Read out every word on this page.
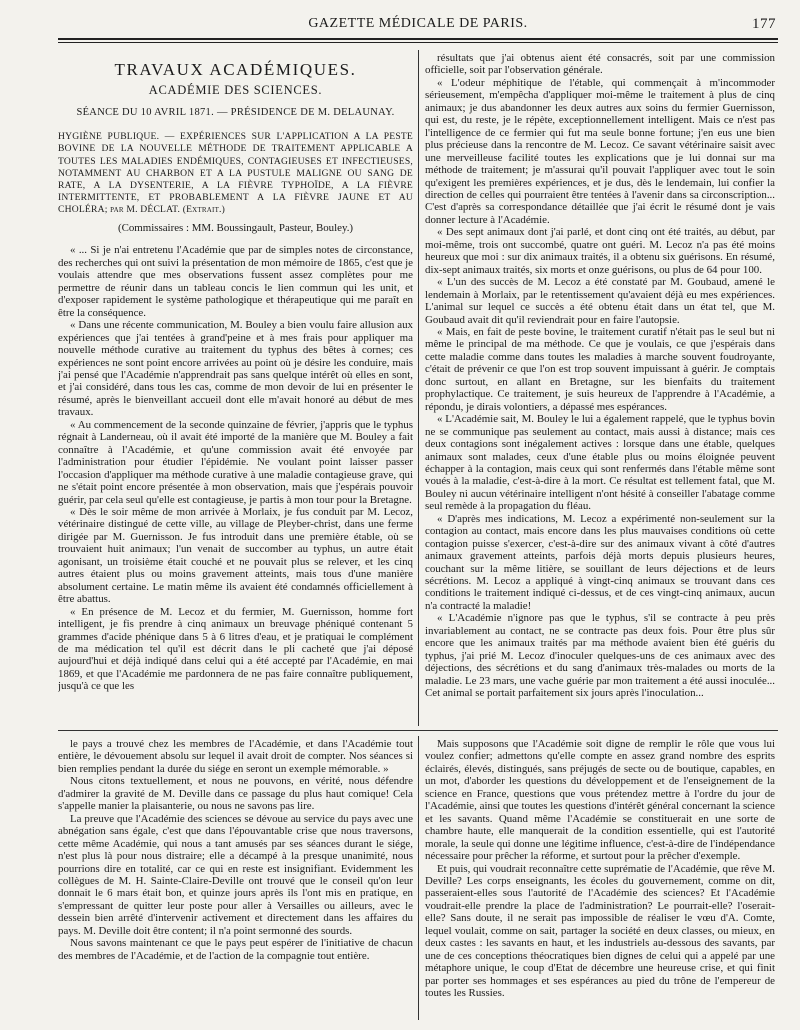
GAZETTE MÉDICALE DE PARIS.	177
TRAVAUX ACADÉMIQUES.
ACADÉMIE DES SCIENCES.
SÉANCE DU 10 AVRIL 1871. — PRÉSIDENCE DE M. DELAUNAY.

HYGIÈNE PUBLIQUE. — EXPÉRIENCES SUR L'APPLICATION A LA PESTE BOVINE DE LA NOUVELLE MÉTHODE DE TRAITEMENT APPLICABLE A TOUTES LES MALADIES ENDÉMIQUES, CONTAGIEUSES ET INFECTIEUSES, NOTAMMENT AU CHARBON ET A LA PUSTULE MALIGNE OU SANG DE RATE, A LA DYSENTERIE, A LA FIÈVRE TYPHOÏDE, A LA FIÈVRE INTERMITTENTE, ET PROBABLEMENT A LA FIÈVRE JAUNE ET AU CHOLÉRA; par M. DÉCLAT. (Extrait.)

(Commissaires : MM. Boussingault, Pasteur, Bouley.)

« ... Si je n'ai entretenu l'Académie que par de simples notes de circonstance, des recherches qui ont suivi la présentation de mon mémoire de 1865, c'est que je voulais attendre que mes observations fussent assez complètes pour me permettre de réunir dans un tableau concis le lien commun qui les unit, et d'exposer rapidement le système pathologique et thérapeutique qui me paraît en être la conséquence.

« Dans une récente communication, M. Bouley a bien voulu faire allusion aux expériences que j'ai tentées à grand'peine et à mes frais pour appliquer ma nouvelle méthode curative au traitement du typhus des bêtes à cornes; ces expériences ne sont point encore arrivées au point où je désire les conduire, mais j'ai pensé que l'Académie n'apprendrait pas sans quelque intérêt où elles en sont, et j'ai considéré, dans tous les cas, comme de mon devoir de lui en présenter le résumé, après le bienveillant accueil dont elle m'avait honoré au début de mes travaux.

« Au commencement de la seconde quinzaine de février, j'appris que le typhus régnait à Landerneau, où il avait été importé de la manière que M. Bouley a fait connaître à l'Académie, et qu'une commission avait été envoyée par l'administration pour étudier l'épidémie. Ne voulant point laisser passer l'occasion d'appliquer ma méthode curative à une maladie contagieuse grave, qui ne s'était point encore présentée à mon observation, mais que j'espérais pouvoir guérir, par cela seul qu'elle est contagieuse, je partis à mon tour pour la Bretagne.

« Dès le soir même de mon arrivée à Morlaix, je fus conduit par M. Lecoz, vétérinaire distingué de cette ville, au village de Pleyber-christ, dans une ferme dirigée par M. Guernisson. Je fus introduit dans une première étable, où se trouvaient huit animaux; l'un venait de succomber au typhus, un autre était agonisant, un troisième était couché et ne pouvait plus se relever, et les cinq autres étaient plus ou moins gravement atteints, mais tous d'une manière absolument certaine. Le matin même ils avaient été condamnés officiellement à être abattus.

« En présence de M. Lecoz et du fermier, M. Guernisson, homme fort intelligent, je fis prendre à cinq animaux un breuvage phéniqué contenant 5 grammes d'acide phénique dans 5 à 6 litres d'eau, et je pratiquai le complément de ma médication tel qu'il est décrit dans le pli cacheté que j'ai déposé aujourd'hui et déjà indiqué dans celui qui a été accepté par l'Académie, en mai 1869, et que l'Académie me pardonnera de ne pas faire connaître publiquement, jusqu'à ce que les

résultats que j'ai obtenus aient été consacrés, soit par une commission officielle, soit par l'observation générale.

« L'odeur méphitique de l'étable, qui commençait à m'incommoder sérieusement, m'empêcha d'appliquer moi-même le traitement à plus de cinq animaux; je dus abandonner les deux autres aux soins du fermier Guernisson, qui est, du reste, je le répète, exceptionnellement intelligent. Mais ce n'est pas l'intelligence de ce fermier qui fut ma seule bonne fortune; j'en eus une bien plus précieuse dans la rencontre de M. Lecoz. Ce savant vétérinaire saisit avec une merveilleuse facilité toutes les explications que je lui donnai sur ma méthode de traitement; je m'assurai qu'il pouvait l'appliquer avec tout le soin qu'exigent les premières expériences, et je dus, dès le lendemain, lui confier la direction de celles qui pourraient être tentées à l'avenir dans sa circonscription... C'est d'après sa correspondance détaillée que j'ai écrit le résumé dont je vais donner lecture à l'Académie.

« Des sept animaux dont j'ai parlé, et dont cinq ont été traités, au début, par moi-même, trois ont succombé, quatre ont guéri. M. Lecoz n'a pas été moins heureux que moi : sur dix animaux traités, il a obtenu six guérisons. En résumé, dix-sept animaux traités, six morts et onze guérisons, ou plus de 64 pour 100.

« L'un des succès de M. Lecoz a été constaté par M. Goubaud, amené le lendemain à Morlaix, par le retentissement qu'avaient déjà eu mes expériences. L'animal sur lequel ce succès a été obtenu était dans un état tel, que M. Goubaud avait dit qu'il reviendrait pour en faire l'autopsie.

« Mais, en fait de peste bovine, le traitement curatif n'était pas le seul but ni même le principal de ma méthode. Ce que je voulais, ce que j'espérais dans cette maladie comme dans toutes les maladies à marche souvent foudroyante, c'était de prévenir ce que l'on est trop souvent impuissant à guérir. Je comptais donc surtout, en allant en Bretagne, sur les bienfaits du traitement prophylactique. Ce traitement, je suis heureux de l'apprendre à l'Académie, a répondu, je dirais volontiers, a dépassé mes espérances.

« L'Académie sait, M. Bouley le lui a également rappelé, que le typhus bovin ne se communique pas seulement au contact, mais aussi à distance; mais ces deux contagions sont inégalement actives : lorsque dans une étable, quelques animaux sont malades, ceux d'une étable plus ou moins éloignée peuvent échapper à la contagion, mais ceux qui sont renfermés dans l'étable même sont voués à la maladie, c'est-à-dire à la mort. Ce résultat est tellement fatal, que M. Bouley ni aucun vétérinaire intelligent n'ont hésité à conseiller l'abatage comme seul remède à la propagation du fléau.

« D'après mes indications, M. Lecoz a expérimenté non-seulement sur la contagion au contact, mais encore dans les plus mauvaises conditions où cette contagion puisse s'exercer, c'est-à-dire sur des animaux vivant à côté d'autres animaux gravement atteints, parfois déjà morts depuis plusieurs heures, couchant sur la même litière, se souillant de leurs déjections et de leurs sécrétions. M. Lecoz a appliqué à vingt-cinq animaux se trouvant dans ces conditions le traitement indiqué ci-dessus, et de ces vingt-cinq animaux, aucun n'a contracté la maladie!

« L'Académie n'ignore pas que le typhus, s'il se contracte à peu près invariablement au contact, ne se contracte pas deux fois. Pour être plus sûr encore que les animaux traités par ma méthode avaient bien été guéris du typhus, j'ai prié M. Lecoz d'inoculer quelques-uns de ces animaux avec des déjections, des sécrétions et du sang d'animaux très-malades ou morts de la maladie. Le 23 mars, une vache guérie par mon traitement a été aussi inoculée... Cet animal se portait parfaitement six jours après l'inoculation...

le pays a trouvé chez les membres de l'Académie, et dans l'Académie tout entière, le dévouement absolu sur lequel il avait droit de compter. Nos séances si bien remplies pendant la durée du siége en seront un exemple mémorable. »

Nous citons textuellement, et nous ne pouvons, en vérité, nous défendre d'admirer la gravité de M. Deville dans ce passage du plus haut comique! Cela s'appelle manier la plaisanterie, ou nous ne savons pas lire.

La preuve que l'Académie des sciences se dévoue au service du pays avec une abnégation sans égale, c'est que dans l'épouvantable crise que nous traversons, cette même Académie, qui nous a tant amusés par ses séances durant le siége, n'est plus là pour nous distraire; elle a décampé à la presque unanimité, nous pourrions dire en totalité, car ce qui en reste est insignifiant. Evidemment les collègues de M. H. Sainte-Claire-Deville ont trouvé que le conseil qu'on leur donnait le 6 mars était bon, et quinze jours après ils l'ont mis en pratique, en s'empressant de quitter leur poste pour aller à Versailles ou ailleurs, avec le dessein bien arrêté d'intervenir activement et directement dans les affaires du pays. M. Deville doit être content; il n'a point sermonné des sourds.

Nous savons maintenant ce que le pays peut espérer de l'initiative de chacun des membres de l'Académie, et de l'action de la compagnie tout entière.

Mais supposons que l'Académie soit digne de remplir le rôle que vous lui voulez confier; admettons qu'elle compte en assez grand nombre des esprits éclairés, élevés, distingués, sans préjugés de secte ou de boutique, capables, en un mot, d'aborder les questions du développement et de l'enseignement de la science en France, questions que vous prétendez mettre à l'ordre du jour de l'Académie, ainsi que toutes les questions d'intérêt général concernant la science et les savants. Quand même l'Académie se constituerait en une sorte de chambre haute, elle manquerait de la condition essentielle, qui est l'autorité morale, la seule qui donne une légitime influence, c'est-à-dire de l'indépendance nécessaire pour prêcher la réforme, et surtout pour la prêcher d'exemple.

Et puis, qui voudrait reconnaître cette suprématie de l'Académie, que rêve M. Deville? Les corps enseignants, les écoles du gouvernement, comme on dit, passeraient-elles sous l'autorité de l'Académie des sciences? Et l'Académie voudrait-elle prendre la place de l'administration? Le pourrait-elle? l'oserait-elle? Sans doute, il ne serait pas impossible de réaliser le vœu d'A. Comte, lequel voulait, comme on sait, partager la société en deux classes, ou mieux, en deux castes : les savants en haut, et les industriels au-dessous des savants, par une de ces conceptions théocratiques bien dignes de celui qui a appelé par une métaphore unique, le coup d'Etat de décembre une heureuse crise, et qui finit par porter ses hommages et ses espérances au pied du trône de l'empereur de toutes les Russies.
